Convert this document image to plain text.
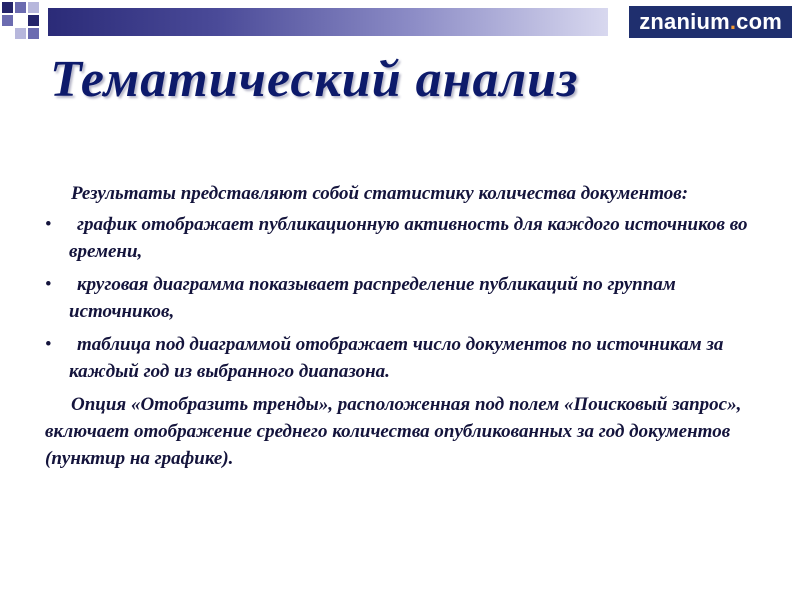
znanium.com
Тематический анализ

Результаты представляют собой статистику количества документов:

•	график отображает публикационную активность для каждого источников во времени,
•	круговая диаграмма показывает распределение публикаций по группам источников,
•	таблица под диаграммой отображает число документов по источникам за каждый год из выбранного диапазона.

Опция «Отобразить тренды», расположенная под полем «Поисковый запрос», включает отображение среднего количества опубликованных за год документов (пунктир на графике).
